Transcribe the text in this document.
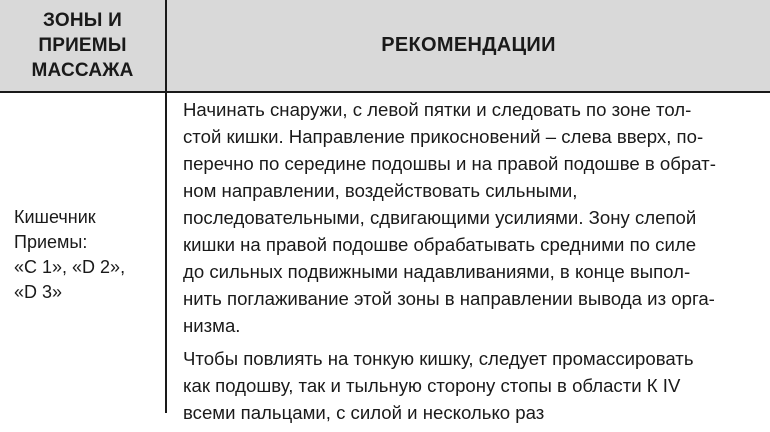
ЗОНЫ И
ПРИЕМЫ
МАССАЖА
РЕКОМЕНДАЦИИ
Кишечник
Приемы:
«С 1», «D 2»,
«D 3»
Начинать снаружи, с левой пятки и следовать по зоне тол-
стой кишки. Направление прикосновений – слева вверх, по-
перечно по середине подошвы и на правой подошве в обрат-
ном направлении, воздействовать сильными,
последовательными, сдвигающими усилиями. Зону слепой
кишки на правой подошве обрабатывать средними по силе
до сильных подвижными надавливаниями, в конце выпол-
нить поглаживание этой зоны в направлении вывода из орга-
низма.
Чтобы повлиять на тонкую кишку, следует промассировать
как подошву, так и тыльную сторону стопы в области К IV
всеми пальцами, с силой и несколько раз
